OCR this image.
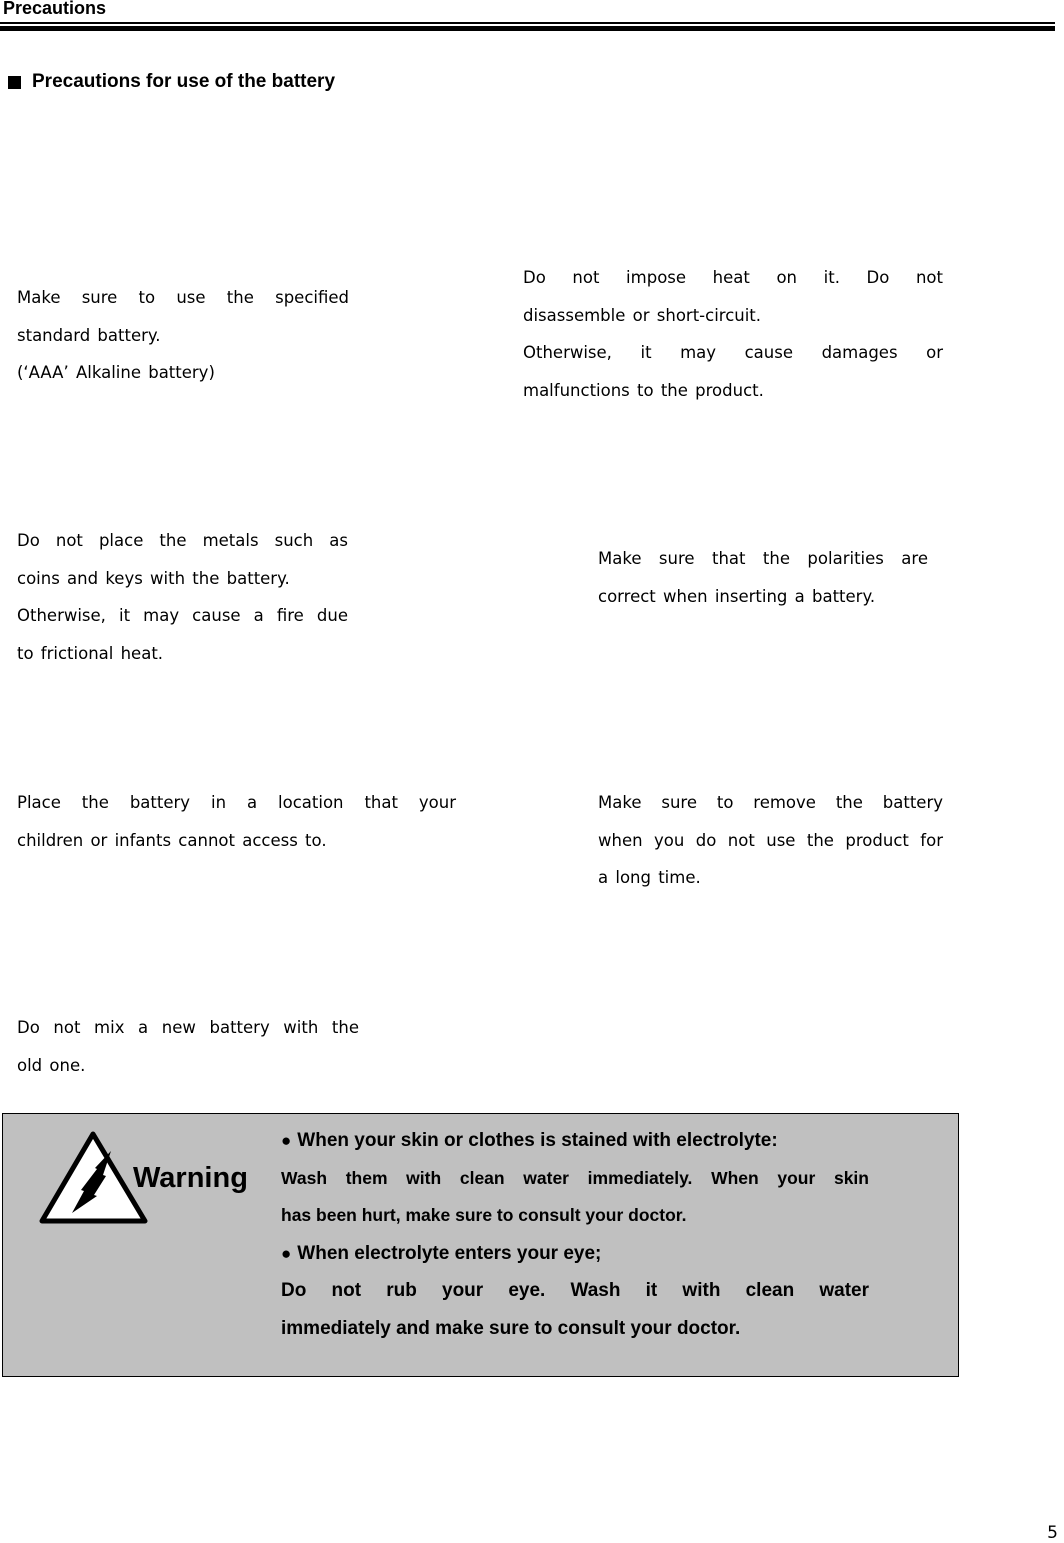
Precautions
Precautions for use of the battery
Make sure to use the specified
standard battery.
(‘AAA’ Alkaline battery)
Do not impose heat on it. Do not
disassemble or short-circuit.
Otherwise, it may cause damages or
malfunctions to the product.
Do not place the metals such as
coins and keys with the battery.
Otherwise, it may cause a fire due
to frictional heat.
Make sure that the polarities are
correct when inserting a battery.
Place the battery in a location that your
children or infants cannot access to.
Make sure to remove the battery
when you do not use the product for
a long time.
Do not mix a new battery with the
old one.
Warning
● When your skin or clothes is stained with electrolyte:
Wash them with clean water immediately. When your skin
has been hurt, make sure to consult your doctor.
● When electrolyte enters your eye;
Do not rub your eye. Wash it with clean water
immediately and make sure to consult your doctor.
5
